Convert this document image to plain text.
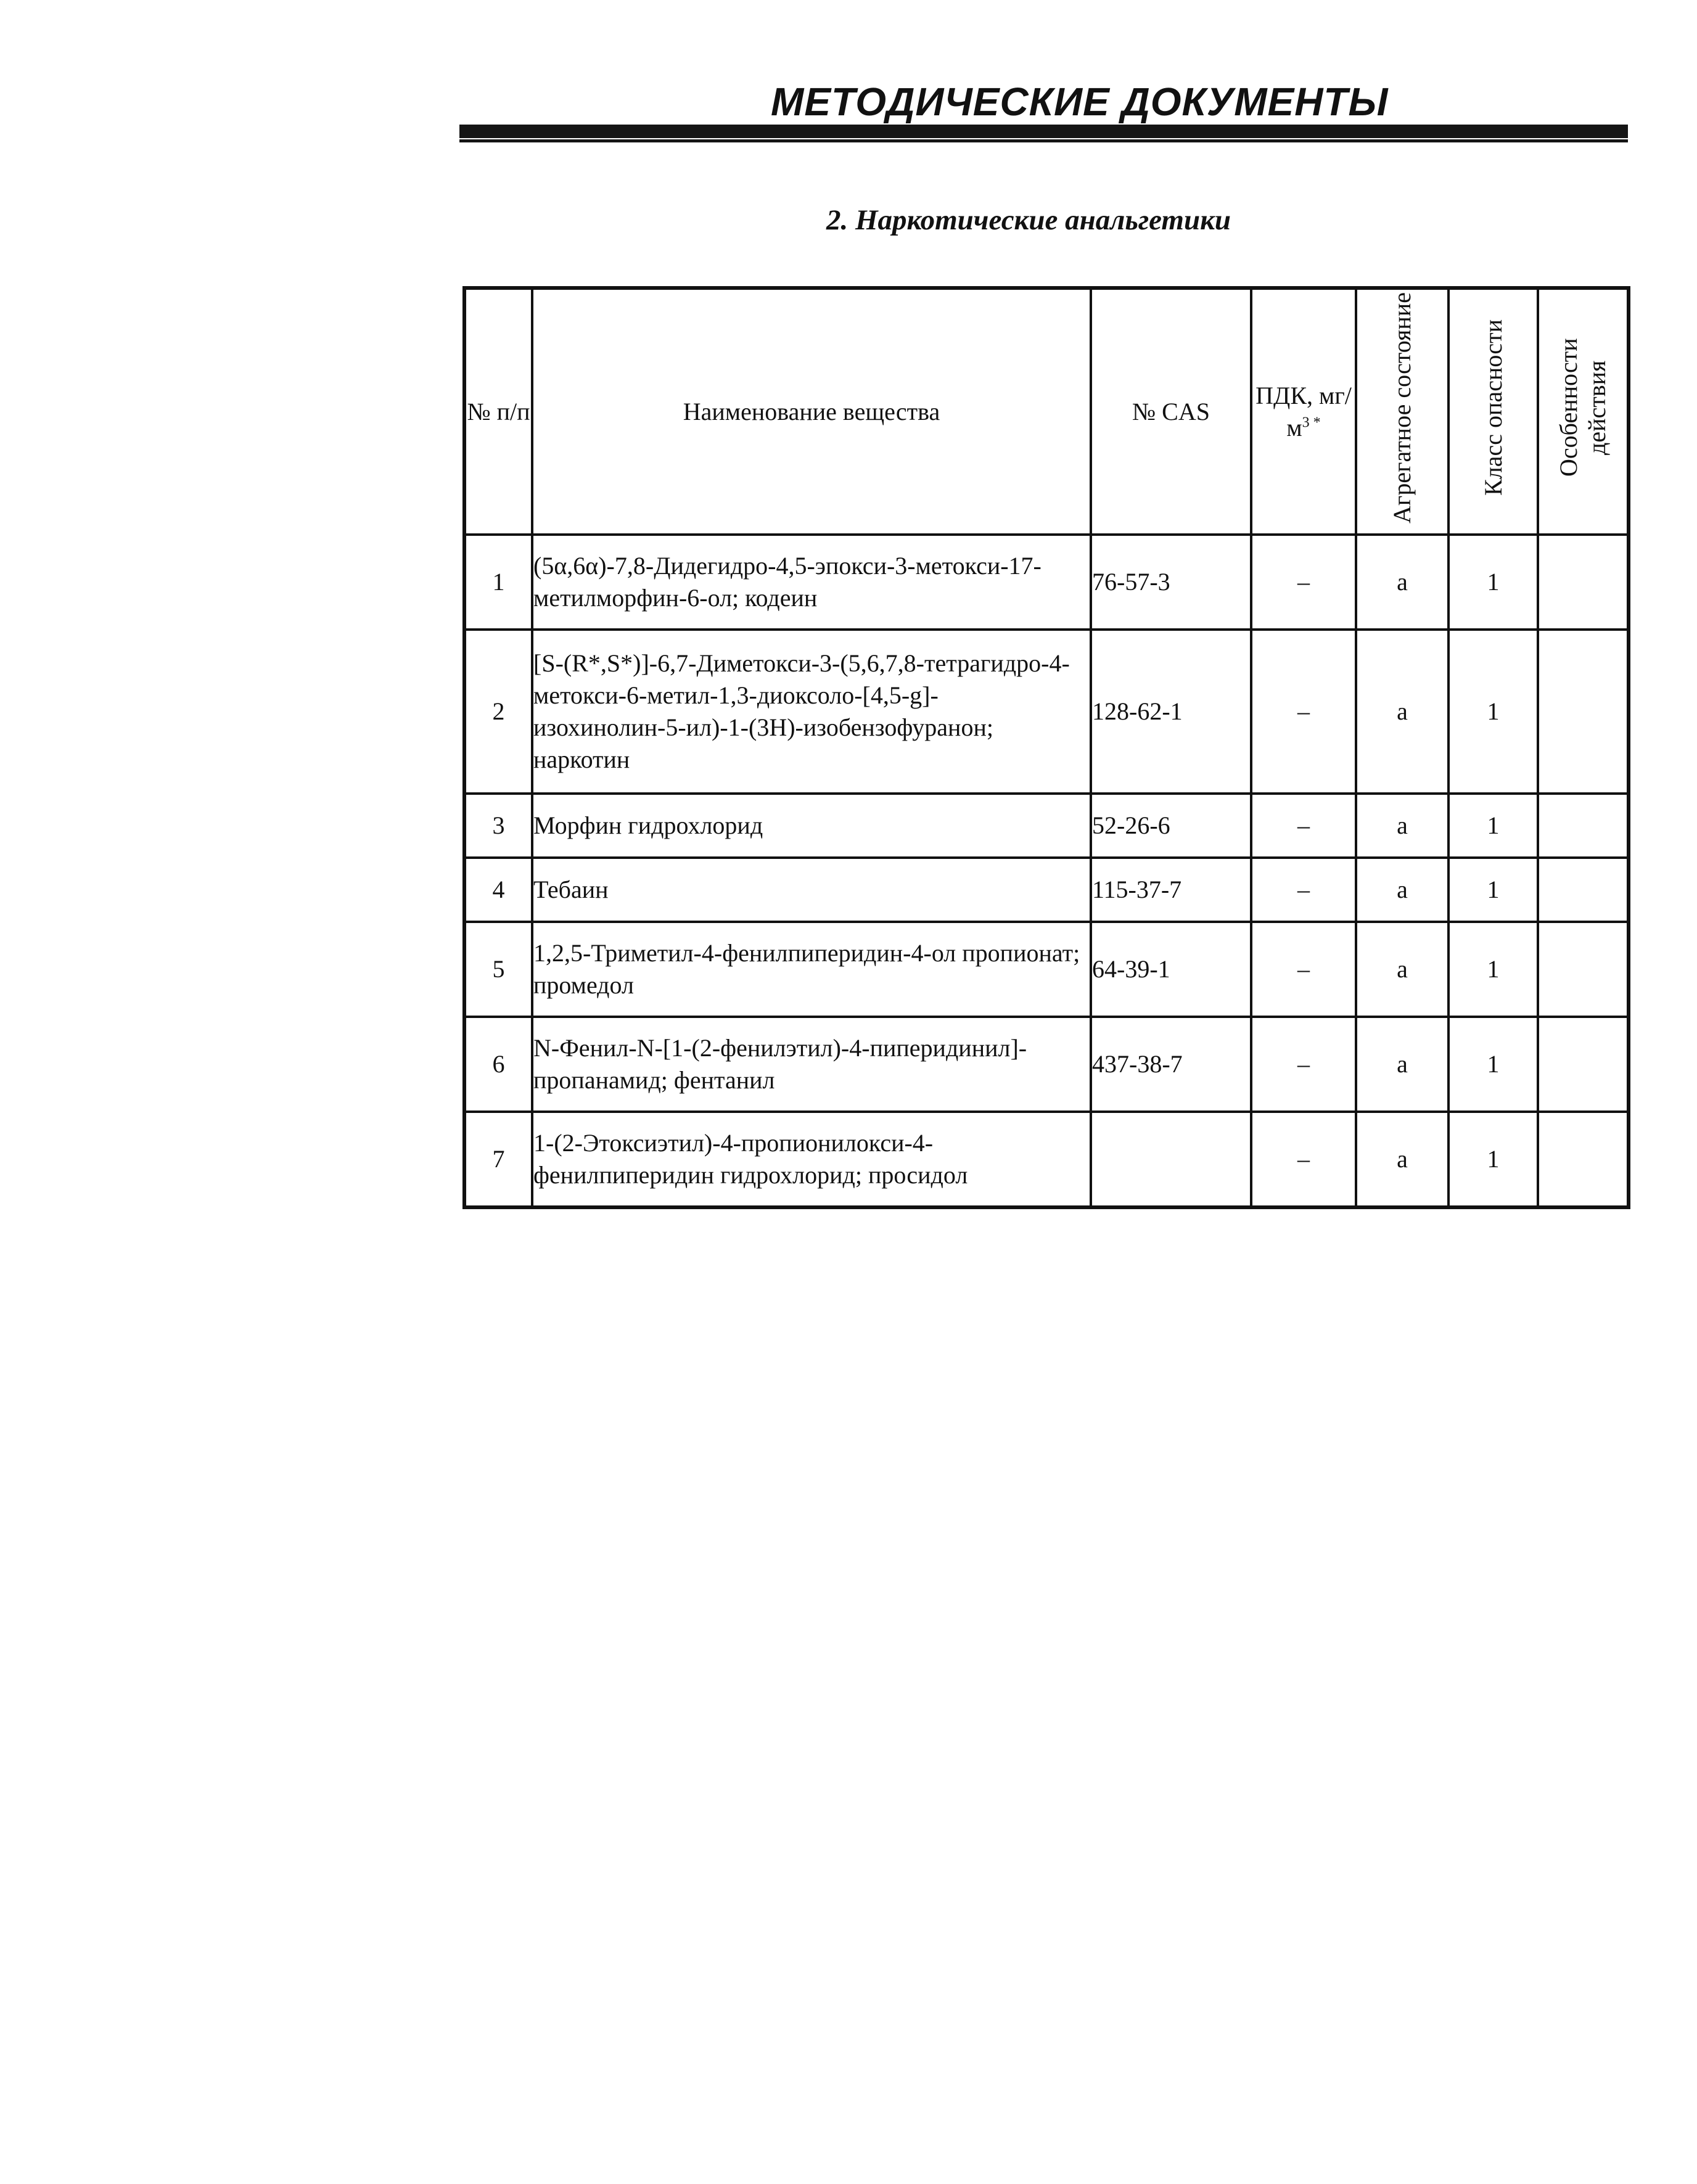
МЕТОДИЧЕСКИЕ ДОКУМЕНТЫ
2. Наркотические анальгетики
№ п/п	Наименование вещества	№ CAS	ПДК, $мг/м^{3 *}$	Агрегатное состояние	Класс опасности	Особенности действия
1	(5α,6α)-7,8-Дидегидро-4,5-эпокси-3-метокси-17-метилморфин-6-ол; кодеин	76-57-3	–	а	1	
2	[S-(R*,S*)]-6,7-Диметокси-3-(5,6,7,8-тетрагидро-4-метокси-6-метил-1,3-диоксоло-[4,5-g]-изохинолин-5-ил)-1-(3H)-изобензофуранон; наркотин	128-62-1	–	а	1	
3	Морфин гидрохлорид	52-26-6	–	а	1	
4	Тебаин	115-37-7	–	а	1	
5	1,2,5-Триметил-4-фенилпиперидин-4-ол пропионат; промедол	64-39-1	–	а	1	
6	N-Фенил-N-[1-(2-фенилэтил)-4-пиперидинил]-пропанамид; фентанил	437-38-7	–	а	1	
7	1-(2-Этоксиэтил)-4-пропионилокси-4-фенилпиперидин гидрохлорид; просидол		–	а	1	
